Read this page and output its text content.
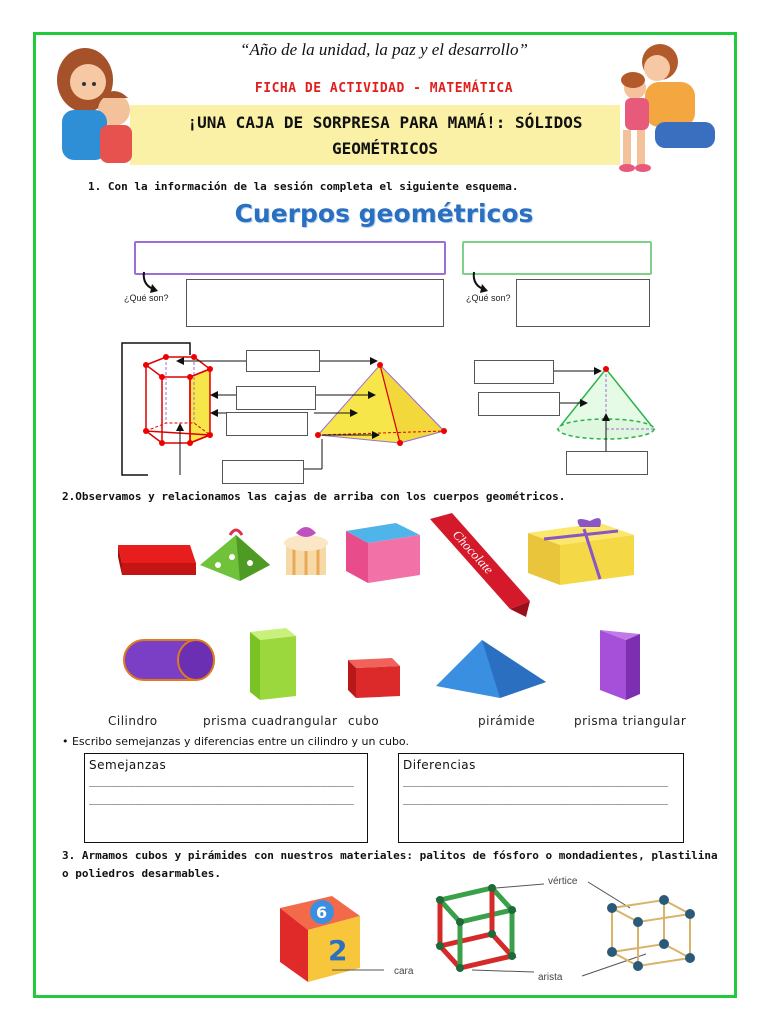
“Año de la unidad, la paz y el desarrollo”
FICHA DE ACTIVIDAD - MATEMÁTICA
¡UNA CAJA DE SORPRESA PARA MAMÁ!: SÓLIDOS
GEOMÉTRICOS
1. Con la información de la sesión completa el siguiente esquema.
Cuerpos geométricos
¿Qué son?	¿Qué son?
2.Observamos y relacionamos las cajas de arriba con los cuerpos geométricos.
Chocolate
Cilindro	prisma cuadrangular cubo	pirámide	prisma triangular
• Escribo semejanzas y diferencias entre un cilindro y un cubo.
Semejanzas
________________________________________
________________________________________
Diferencias
________________________________________
________________________________________
3. Armamos cubos y pirámides con nuestros materiales: palitos de fósforo o mondadientes, plastilina
o poliedros desarmables.
6
2
cara
vértice
arista
